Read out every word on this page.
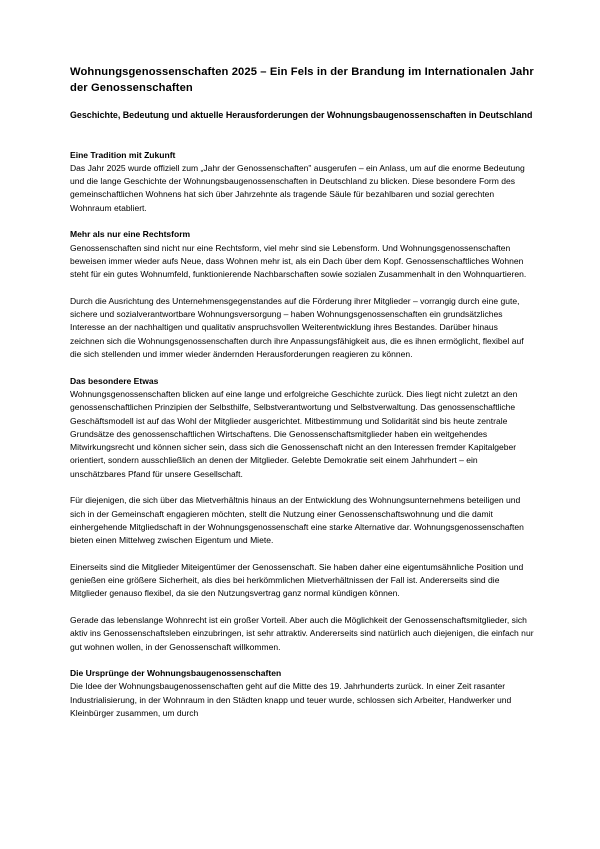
Wohnungsgenossenschaften 2025 – Ein Fels in der Brandung im Internationalen Jahr der Genossenschaften
Geschichte, Bedeutung und aktuelle Herausforderungen der Wohnungsbaugenossenschaften in Deutschland
Eine Tradition mit Zukunft

Das Jahr 2025 wurde offiziell zum „Jahr der Genossenschaften" ausgerufen – ein Anlass, um auf die enorme Bedeutung und die lange Geschichte der Wohnungsbaugenossenschaften in Deutschland zu blicken. Diese besondere Form des gemeinschaftlichen Wohnens hat sich über Jahrzehnte als tragende Säule für bezahlbaren und sozial gerechten Wohnraum etabliert.

Mehr als nur eine Rechtsform

Genossenschaften sind nicht nur eine Rechtsform, viel mehr sind sie Lebensform. Und Wohnungsgenossenschaften beweisen immer wieder aufs Neue, dass Wohnen mehr ist, als ein Dach über dem Kopf. Genossenschaftliches Wohnen steht für ein gutes Wohnumfeld, funktionierende Nachbarschaften sowie sozialen Zusammenhalt in den Wohnquartieren.

Durch die Ausrichtung des Unternehmensgegenstandes auf die Förderung ihrer Mitglieder – vorrangig durch eine gute, sichere und sozialverantwortbare Wohnungsversorgung – haben Wohnungsgenossenschaften ein grundsätzliches Interesse an der nachhaltigen und qualitativ anspruchsvollen Weiterentwicklung ihres Bestandes. Darüber hinaus zeichnen sich die Wohnungsgenossenschaften durch ihre Anpassungsfähigkeit aus, die es ihnen ermöglicht, flexibel auf die sich stellenden und immer wieder ändernden Herausforderungen reagieren zu können.

Das besondere Etwas

Wohnungsgenossenschaften blicken auf eine lange und erfolgreiche Geschichte zurück. Dies liegt nicht zuletzt an den genossenschaftlichen Prinzipien der Selbsthilfe, Selbstverantwortung und Selbstverwaltung. Das genossenschaftliche Geschäftsmodell ist auf das Wohl der Mitglieder ausgerichtet. Mitbestimmung und Solidarität sind bis heute zentrale Grundsätze des genossenschaftlichen Wirtschaftens. Die Genossenschaftsmitglieder haben ein weitgehendes Mitwirkungsrecht und können sicher sein, dass sich die Genossenschaft nicht an den Interessen fremder Kapitalgeber orientiert, sondern ausschließlich an denen der Mitglieder. Gelebte Demokratie seit einem Jahrhundert – ein unschätzbares Pfand für unsere Gesellschaft.

Für diejenigen, die sich über das Mietverhältnis hinaus an der Entwicklung des Wohnungsunternehmens beteiligen und sich in der Gemeinschaft engagieren möchten, stellt die Nutzung einer Genossenschaftswohnung und die damit einhergehende Mitgliedschaft in der Wohnungsgenossenschaft eine starke Alternative dar. Wohnungsgenossenschaften bieten einen Mittelweg zwischen Eigentum und Miete.

Einerseits sind die Mitglieder Miteigentümer der Genossenschaft. Sie haben daher eine eigentumsähnliche Position und genießen eine größere Sicherheit, als dies bei herkömmlichen Mietverhältnissen der Fall ist. Andererseits sind die Mitglieder genauso flexibel, da sie den Nutzungsvertrag ganz normal kündigen können.

Gerade das lebenslange Wohnrecht ist ein großer Vorteil. Aber auch die Möglichkeit der Genossenschaftsmitglieder, sich aktiv ins Genossenschaftsleben einzubringen, ist sehr attraktiv. Andererseits sind natürlich auch diejenigen, die einfach nur gut wohnen wollen, in der Genossenschaft willkommen.

Die Ursprünge der Wohnungsbaugenossenschaften

Die Idee der Wohnungsbaugenossenschaften geht auf die Mitte des 19. Jahrhunderts zurück. In einer Zeit rasanter Industrialisierung, in der Wohnraum in den Städten knapp und teuer wurde, schlossen sich Arbeiter, Handwerker und Kleinbürger zusammen, um durch
